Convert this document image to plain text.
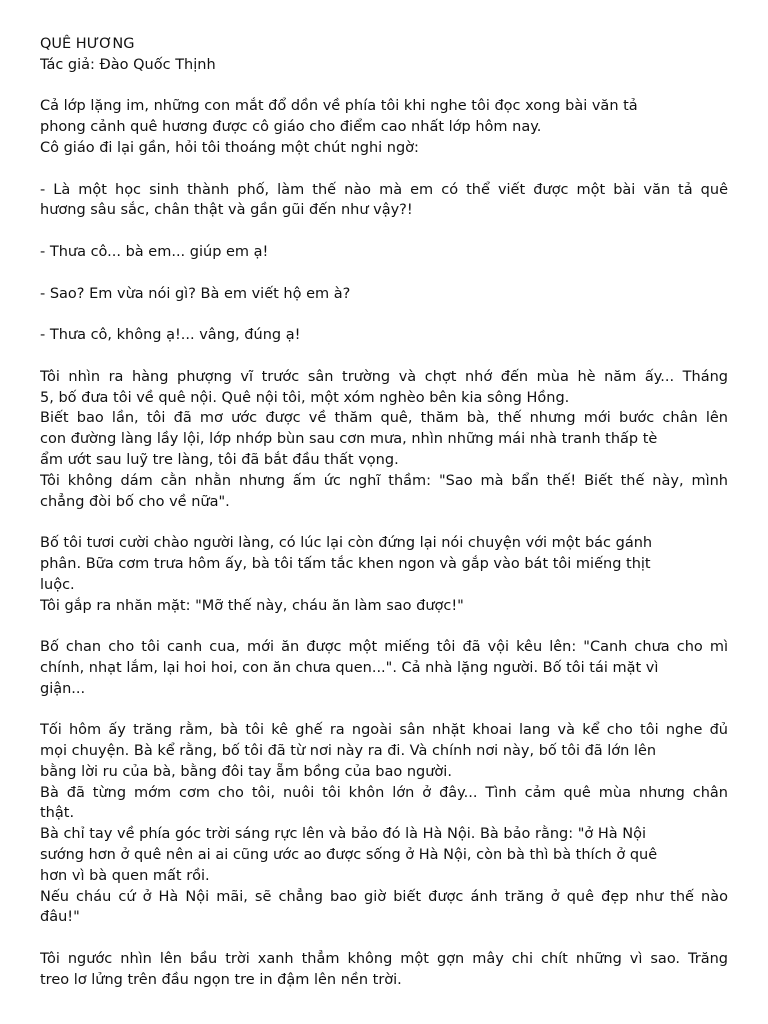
QUÊ HƯƠNG
Tác giả: Đào Quốc Thịnh
Cả lớp lặng im, những con mắt đổ dồn về phía tôi khi nghe tôi đọc xong bài văn tả
phong cảnh quê hương được cô giáo cho điểm cao nhất lớp hôm nay.
Cô giáo đi lại gần, hỏi tôi thoáng một chút nghi ngờ:
- Là một học sinh thành phố, làm thế nào mà em có thể viết được một bài văn tả quê
hương sâu sắc, chân thật và gần gũi đến như vậy?!
- Thưa cô... bà em... giúp em ạ!
- Sao? Em vừa nói gì? Bà em viết hộ em à?
- Thưa cô, không ạ!... vâng, đúng ạ!
Tôi nhìn ra hàng phượng vĩ trước sân trường và chợt nhớ đến mùa hè năm ấy... Tháng
5, bố đưa tôi về quê nội. Quê nội tôi, một xóm nghèo bên kia sông Hồng.
Biết bao lần, tôi đã mơ ước được về thăm quê, thăm bà, thế nhưng mới bước chân lên
con đường làng lầy lội, lớp nhớp bùn sau cơn mưa, nhìn những mái nhà tranh thấp tè
ẩm ướt sau luỹ tre làng, tôi đã bắt đầu thất vọng.
Tôi không dám cằn nhằn nhưng ấm ức nghĩ thầm: "Sao mà bẩn thế! Biết thế này, mình
chẳng đòi bố cho về nữa".
Bố tôi tươi cười chào người làng, có lúc lại còn đứng lại nói chuyện với một bác gánh
phân. Bữa cơm trưa hôm ấy, bà tôi tấm tắc khen ngon và gắp vào bát tôi miếng thịt
luộc.
Tôi gắp ra nhăn mặt: "Mỡ thế này, cháu ăn làm sao được!"
Bố chan cho tôi canh cua, mới ăn được một miếng tôi đã vội kêu lên: "Canh chưa cho mì
chính, nhạt lắm, lại hoi hoi, con ăn chưa quen...". Cả nhà lặng người. Bố tôi tái mặt vì
giận...
Tối hôm ấy trăng rằm, bà tôi kê ghế ra ngoài sân nhặt khoai lang và kể cho tôi nghe đủ
mọi chuyện. Bà kể rằng, bố tôi đã từ nơi này ra đi. Và chính nơi này, bố tôi đã lớn lên
bằng lời ru của bà, bằng đôi tay ẵm bồng của bao người.
Bà đã từng mớm cơm cho tôi, nuôi tôi khôn lớn ở đây... Tình cảm quê mùa nhưng chân
thật.
Bà chỉ tay về phía góc trời sáng rực lên và bảo đó là Hà Nội. Bà bảo rằng: "ở Hà Nội
sướng hơn ở quê nên ai ai cũng ước ao được sống ở Hà Nội, còn bà thì bà thích ở quê
hơn vì bà quen mất rồi.
Nếu cháu cứ ở Hà Nội mãi, sẽ chẳng bao giờ biết được ánh trăng ở quê đẹp như thế nào
đâu!"
Tôi ngước nhìn lên bầu trời xanh thẳm không một gợn mây chi chít những vì sao. Trăng
treo lơ lửng trên đầu ngọn tre in đậm lên nền trời.
